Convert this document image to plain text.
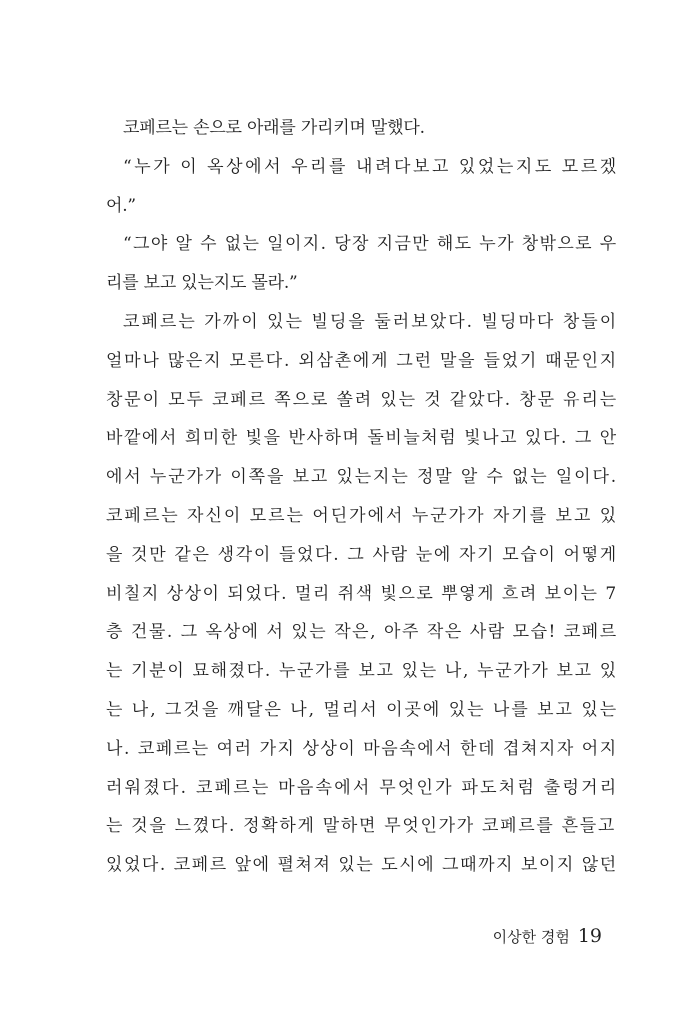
코페르는 손으로 아래를 가리키며 말했다.
“누가 이 옥상에서 우리를 내려다보고 있었는지도 모르겠
어.”
“그야 알 수 없는 일이지. 당장 지금만 해도 누가 창밖으로 우
리를 보고 있는지도 몰라.”
코페르는 가까이 있는 빌딩을 둘러보았다. 빌딩마다 창들이
얼마나 많은지 모른다. 외삼촌에게 그런 말을 들었기 때문인지
창문이 모두 코페르 쪽으로 쏠려 있는 것 같았다. 창문 유리는
바깥에서 희미한 빛을 반사하며 돌비늘처럼 빛나고 있다. 그 안
에서 누군가가 이쪽을 보고 있는지는 정말 알 수 없는 일이다.
코페르는 자신이 모르는 어딘가에서 누군가가 자기를 보고 있
을 것만 같은 생각이 들었다. 그 사람 눈에 자기 모습이 어떻게
비칠지 상상이 되었다. 멀리 쥐색 빛으로 뿌옇게 흐려 보이는 7
층 건물. 그 옥상에 서 있는 작은, 아주 작은 사람 모습! 코페르
는 기분이 묘해졌다. 누군가를 보고 있는 나, 누군가가 보고 있
는 나, 그것을 깨달은 나, 멀리서 이곳에 있는 나를 보고 있는
나. 코페르는 여러 가지 상상이 마음속에서 한데 겹쳐지자 어지
러워졌다. 코페르는 마음속에서 무엇인가 파도처럼 출렁거리
는 것을 느꼈다. 정확하게 말하면 무엇인가가 코페르를 흔들고
있었다. 코페르 앞에 펼쳐져 있는 도시에 그때까지 보이지 않던
이상한 경험 19
